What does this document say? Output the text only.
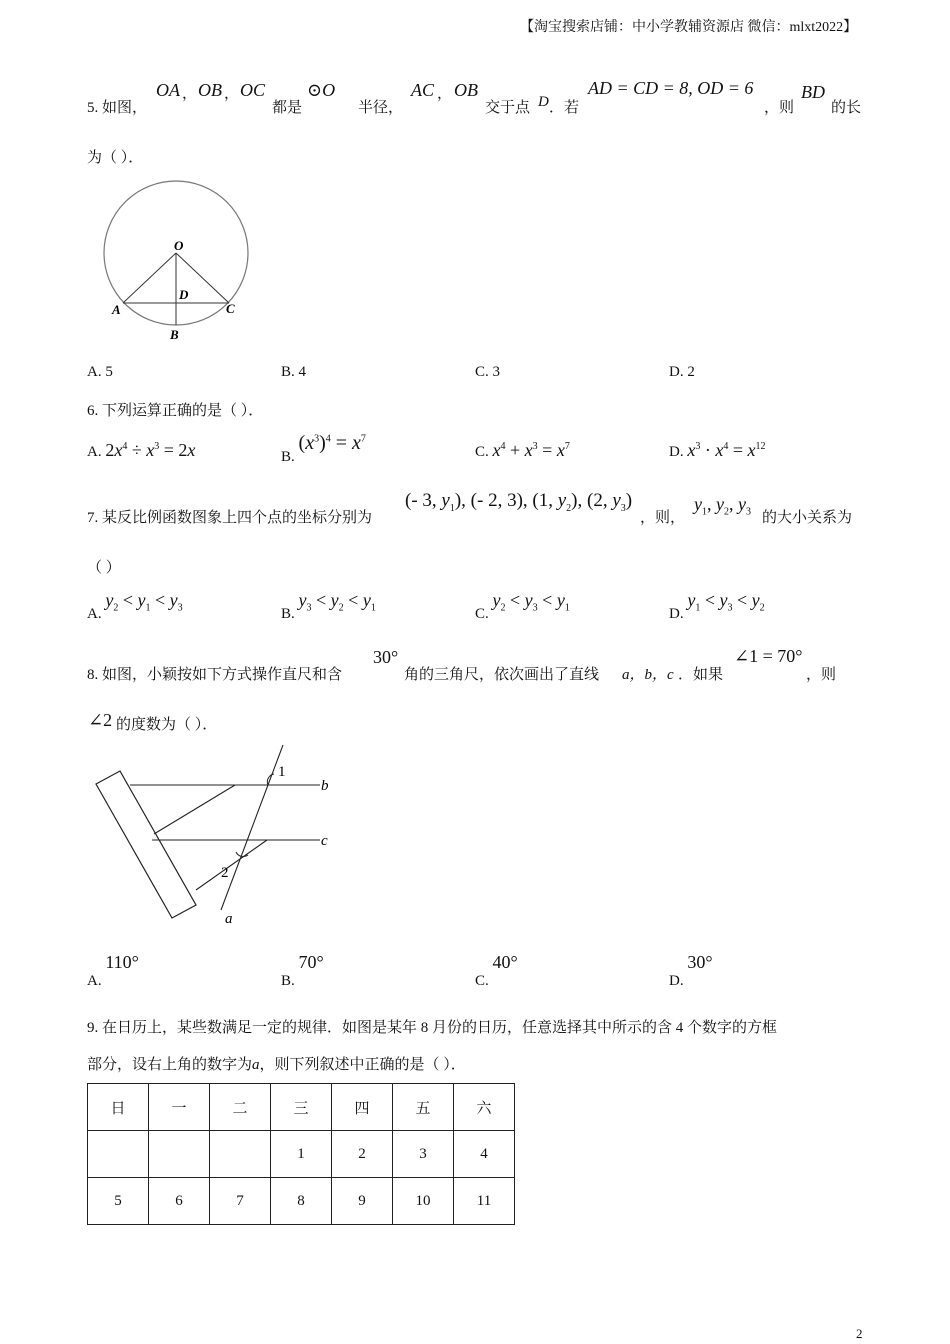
【淘宝搜索店铺：中小学教辅资源店 微信：mlxt2022】
5. 如图，
OA ， OB ， OC
都是
⊙O
半径，
AC ， OB
交于点 D ．若
AD = CD = 8, OD = 6
，则
BD
的长
为（ ）．
O
D
A	C
B
A. 5	B. 4	C. 3	D. 2
6. 下列运算正确的是（ ）．
A. $2x^4 \div x^3 = 2x$	B. $(x^3)^4 = x^7$
C. $x^4 + x^3 = x^7$	D. $x^3 \cdot x^4 = x^{12}$
7. 某反比例函数图象上四个点的坐标分别为
(- 3, $y_1$), (- 2, 3), (1, $y_2$), (2, $y_3$)
，则，
$y_1$, $y_2$, $y_3$ 的大小关系为
（ ）
A. $y_2 < y_1 < y_3$	B. $y_3 < y_2 < y_1$	C. $y_2 < y_3 < y_1$	D. $y_1 < y_3 < y_2$
8. 如图，小颖按如下方式操作直尺和含
30°
角的三角尺，依次画出了直线 a，b，c ．如果
∠1 = 70°
，则
∠2 的度数为（ ）．
1
2
b
c
a
A. 110°
B. 70°
C. 40°
D. 30°
9. 在日历上，某些数满足一定的规律．如图是某年 8 月份的日历，任意选择其中所示的含 4 个数字的方框
部分，设右上角的数字为a，则下列叙述中正确的是（ ）．
日	一	二	三	四	五	六
			1	2	3	4
5	6	7	8	9	10	11
2
